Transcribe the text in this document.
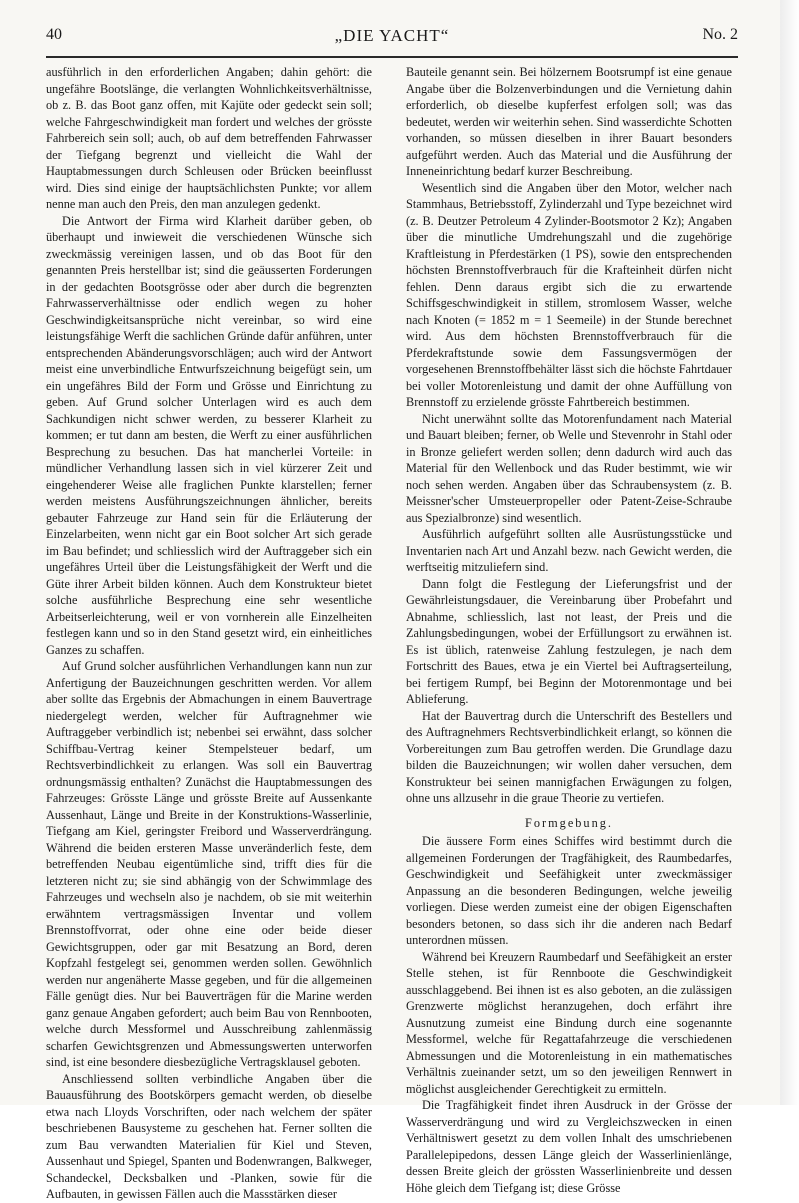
40	„DIE YACHT“	No. 2

ausführlich in den erforderlichen Angaben; dahin gehört: die ungefähre Bootslänge, die verlangten Wohnlichkeitsverhältnisse, ob z. B. das Boot ganz offen, mit Kajüte oder gedeckt sein soll; welche Fahrgeschwindigkeit man fordert und welches der grösste Fahrbereich sein soll; auch, ob auf dem betreffenden Fahrwasser der Tiefgang begrenzt und vielleicht die Wahl der Hauptabmessungen durch Schleusen oder Brücken beeinflusst wird. Dies sind einige der hauptsächlichsten Punkte; vor allem nenne man auch den Preis, den man anzulegen gedenkt.

Die Antwort der Firma wird Klarheit darüber geben, ob überhaupt und inwieweit die verschiedenen Wünsche sich zweckmässig vereinigen lassen, und ob das Boot für den genannten Preis herstellbar ist; sind die geäusserten Forderungen in der gedachten Bootsgrösse oder aber durch die begrenzten Fahrwasserverhältnisse oder endlich wegen zu hoher Geschwindigkeitsansprüche nicht vereinbar, so wird eine leistungsfähige Werft die sachlichen Gründe dafür anführen, unter entsprechenden Abänderungsvorschlägen; auch wird der Antwort meist eine unverbindliche Entwurfszeichnung beigefügt sein, um ein ungefähres Bild der Form und Grösse und Einrichtung zu geben. Auf Grund solcher Unterlagen wird es auch dem Sachkundigen nicht schwer werden, zu besserer Klarheit zu kommen; er tut dann am besten, die Werft zu einer ausführlichen Besprechung zu besuchen. Das hat mancherlei Vorteile: in mündlicher Verhandlung lassen sich in viel kürzerer Zeit und eingehenderer Weise alle fraglichen Punkte klarstellen; ferner werden meistens Ausführungszeichnungen ähnlicher, bereits gebauter Fahrzeuge zur Hand sein für die Erläuterung der Einzelarbeiten, wenn nicht gar ein Boot solcher Art sich gerade im Bau befindet; und schliesslich wird der Auftraggeber sich ein ungefähres Urteil über die Leistungsfähigkeit der Werft und die Güte ihrer Arbeit bilden können. Auch dem Konstrukteur bietet solche ausführliche Besprechung eine sehr wesentliche Arbeitserleichterung, weil er von vornherein alle Einzelheiten festlegen kann und so in den Stand gesetzt wird, ein einheitliches Ganzes zu schaffen.

Auf Grund solcher ausführlichen Verhandlungen kann nun zur Anfertigung der Bauzeichnungen geschritten werden. Vor allem aber sollte das Ergebnis der Abmachungen in einem Bauvertrage niedergelegt werden, welcher für Auftragnehmer wie Auftraggeber verbindlich ist; nebenbei sei erwähnt, dass solcher Schiffbau-Vertrag keiner Stempelsteuer bedarf, um Rechtsverbindlichkeit zu erlangen. Was soll ein Bauvertrag ordnungsmässig enthalten? Zunächst die Hauptabmessungen des Fahrzeuges: Grösste Länge und grösste Breite auf Aussenkante Aussenhaut, Länge und Breite in der Konstruktions-Wasserlinie, Tiefgang am Kiel, geringster Freibord und Wasserverdrängung. Während die beiden ersteren Masse unveränderlich feste, dem betreffenden Neubau eigentümliche sind, trifft dies für die letzteren nicht zu; sie sind abhängig von der Schwimmlage des Fahrzeuges und wechseln also je nachdem, ob sie mit weiterhin erwähntem vertragsmässigen Inventar und vollem Brennstoffvorrat, oder ohne eine oder beide dieser Gewichtsgruppen, oder gar mit Besatzung an Bord, deren Kopfzahl festgelegt sei, genommen werden sollen. Gewöhnlich werden nur angenäherte Masse gegeben, und für die allgemeinen Fälle genügt dies. Nur bei Bauverträgen für die Marine werden ganz genaue Angaben gefordert; auch beim Bau von Rennbooten, welche durch Messformel und Ausschreibung zahlenmässig scharfen Gewichtsgrenzen und Abmessungswerten unterworfen sind, ist eine besondere diesbezügliche Vertragsklausel geboten.

Anschliessend sollten verbindliche Angaben über die Bauausführung des Bootskörpers gemacht werden, ob dieselbe etwa nach Lloyds Vorschriften, oder nach welchem der später beschriebenen Bausysteme zu geschehen hat. Ferner sollten die zum Bau verwandten Materialien für Kiel und Steven, Aussenhaut und Spiegel, Spanten und Bodenwrangen, Balkweger, Schandeckel, Decksbalken und -Planken, sowie für die Aufbauten, in gewissen Fällen auch die Massstärken dieser

Bauteile genannt sein. Bei hölzernem Bootsrumpf ist eine genaue Angabe über die Bolzenverbindungen und die Vernietung dahin erforderlich, ob dieselbe kupferfest erfolgen soll; was das bedeutet, werden wir weiterhin sehen. Sind wasserdichte Schotten vorhanden, so müssen dieselben in ihrer Bauart besonders aufgeführt werden. Auch das Material und die Ausführung der Inneneinrichtung bedarf kurzer Beschreibung.

Wesentlich sind die Angaben über den Motor, welcher nach Stammhaus, Betriebsstoff, Zylinderzahl und Type bezeichnet wird (z. B. Deutzer Petroleum 4 Zylinder-Bootsmotor 2 Kz); Angaben über die minutliche Umdrehungszahl und die zugehörige Kraftleistung in Pferdestärken (1 PS), sowie den entsprechenden höchsten Brennstoffverbrauch für die Krafteinheit dürfen nicht fehlen. Denn daraus ergibt sich die zu erwartende Schiffsgeschwindigkeit in stillem, stromlosem Wasser, welche nach Knoten (= 1852 m = 1 Seemeile) in der Stunde berechnet wird. Aus dem höchsten Brennstoffverbrauch für die Pferdekraftstunde sowie dem Fassungsvermögen der vorgesehenen Brennstoffbehälter lässt sich die höchste Fahrtdauer bei voller Motorenleistung und damit der ohne Auffüllung von Brennstoff zu erzielende grösste Fahrtbereich bestimmen.

Nicht unerwähnt sollte das Motorenfundament nach Material und Bauart bleiben; ferner, ob Welle und Stevenrohr in Stahl oder in Bronze geliefert werden sollen; denn dadurch wird auch das Material für den Wellenbock und das Ruder bestimmt, wie wir noch sehen werden. Angaben über das Schraubensystem (z. B. Meissner'scher Umsteuerpropeller oder Patent-Zeise-Schraube aus Spezialbronze) sind wesentlich.

Ausführlich aufgeführt sollten alle Ausrüstungsstücke und Inventarien nach Art und Anzahl bezw. nach Gewicht werden, die werftseitig mitzuliefern sind.

Dann folgt die Festlegung der Lieferungsfrist und der Gewährleistungsdauer, die Vereinbarung über Probefahrt und Abnahme, schliesslich, last not least, der Preis und die Zahlungsbedingungen, wobei der Erfüllungsort zu erwähnen ist. Es ist üblich, ratenweise Zahlung festzulegen, je nach dem Fortschritt des Baues, etwa je ein Viertel bei Auftragserteilung, bei fertigem Rumpf, bei Beginn der Motorenmontage und bei Ablieferung.

Hat der Bauvertrag durch die Unterschrift des Bestellers und des Auftragnehmers Rechtsverbindlichkeit erlangt, so können die Vorbereitungen zum Bau getroffen werden. Die Grundlage dazu bilden die Bauzeichnungen; wir wollen daher versuchen, dem Konstrukteur bei seinen mannigfachen Erwägungen zu folgen, ohne uns allzusehr in die graue Theorie zu vertiefen.

Formgebung.

Die äussere Form eines Schiffes wird bestimmt durch die allgemeinen Forderungen der Tragfähigkeit, des Raumbedarfes, Geschwindigkeit und Seefähigkeit unter zweckmässiger Anpassung an die besonderen Bedingungen, welche jeweilig vorliegen. Diese werden zumeist eine der obigen Eigenschaften besonders betonen, so dass sich ihr die anderen nach Bedarf unterordnen müssen.

Während bei Kreuzern Raumbedarf und Seefähigkeit an erster Stelle stehen, ist für Rennboote die Geschwindigkeit ausschlaggebend. Bei ihnen ist es also geboten, an die zulässigen Grenzwerte möglichst heranzugehen, doch erfährt ihre Ausnutzung zumeist eine Bindung durch eine sogenannte Messformel, welche für Regattafahrzeuge die verschiedenen Abmessungen und die Motorenleistung in ein mathematisches Verhältnis zueinander setzt, um so den jeweiligen Rennwert in möglichst ausgleichender Gerechtigkeit zu ermitteln.

Die Tragfähigkeit findet ihren Ausdruck in der Grösse der Wasserverdrängung und wird zu Vergleichszwecken in einen Verhältniswert gesetzt zu dem vollen Inhalt des umschriebenen Parallelepipedons, dessen Länge gleich der Wasserlinienlänge, dessen Breite gleich der grössten Wasserlinienbreite und dessen Höhe gleich dem Tiefgang ist; diese Grösse
